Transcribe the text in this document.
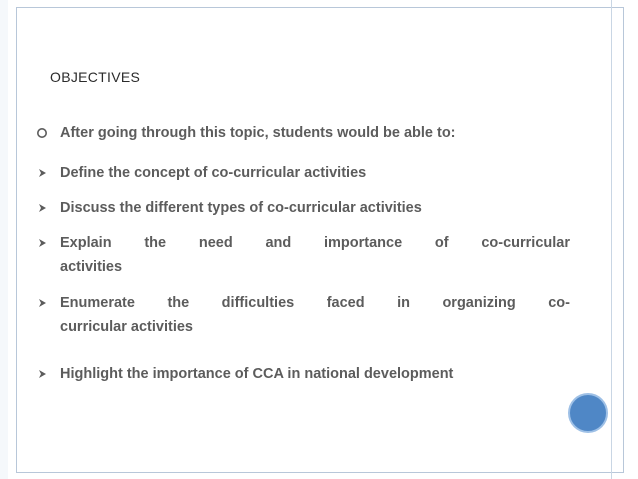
OBJECTIVES
After going through this topic, students would be able to:
Define the concept of co-curricular activities
Discuss the different types of co-curricular activities
Explain the need and importance of co-curricular
activities
Enumerate the difficulties faced in organizing co-
curricular activities
Highlight the importance of CCA in national development
